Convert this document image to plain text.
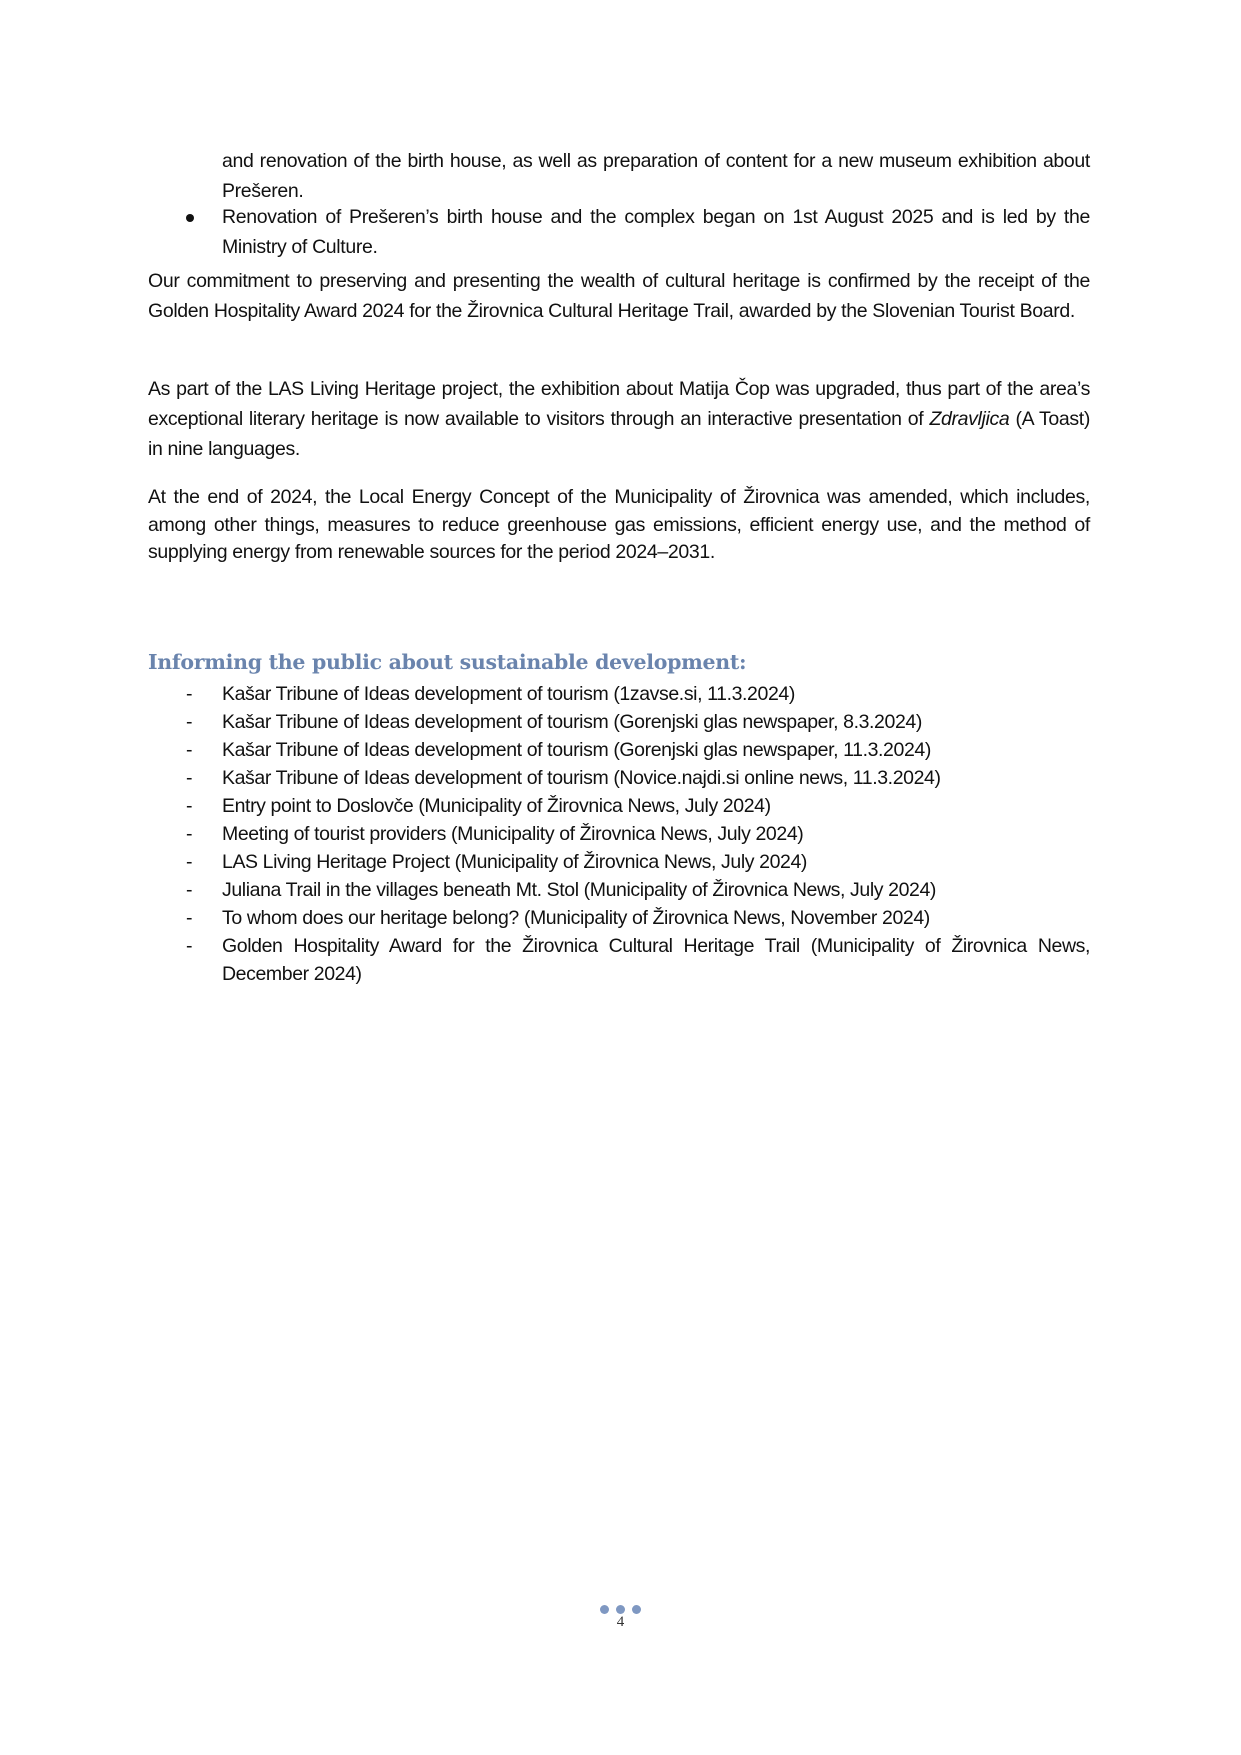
and renovation of the birth house, as well as preparation of content for a new museum exhibition about Prešeren.
Renovation of Prešeren’s birth house and the complex began on 1st August 2025 and is led by the Ministry of Culture.

Our commitment to preserving and presenting the wealth of cultural heritage is confirmed by the receipt of the Golden Hospitality Award 2024 for the Žirovnica Cultural Heritage Trail, awarded by the Slovenian Tourist Board.

As part of the LAS Living Heritage project, the exhibition about Matija Čop was upgraded, thus part of the area’s exceptional literary heritage is now available to visitors through an interactive presentation of Zdravljica (A Toast) in nine languages.

At the end of 2024, the Local Energy Concept of the Municipality of Žirovnica was amended, which includes, among other things, measures to reduce greenhouse gas emissions, efficient energy use, and the method of supplying energy from renewable sources for the period 2024–2031.

Informing the public about sustainable development:
- Kašar Tribune of Ideas development of tourism (1zavse.si, 11.3.2024)
- Kašar Tribune of Ideas development of tourism (Gorenjski glas newspaper, 8.3.2024)
- Kašar Tribune of Ideas development of tourism (Gorenjski glas newspaper, 11.3.2024)
- Kašar Tribune of Ideas development of tourism (Novice.najdi.si online news, 11.3.2024)
- Entry point to Doslovče (Municipality of Žirovnica News, July 2024)
- Meeting of tourist providers (Municipality of Žirovnica News, July 2024)
- LAS Living Heritage Project (Municipality of Žirovnica News, July 2024)
- Juliana Trail in the villages beneath Mt. Stol (Municipality of Žirovnica News, July 2024)
- To whom does our heritage belong? (Municipality of Žirovnica News, November 2024)
- Golden Hospitality Award for the Žirovnica Cultural Heritage Trail (Municipality of Žirovnica News, December 2024)
4
